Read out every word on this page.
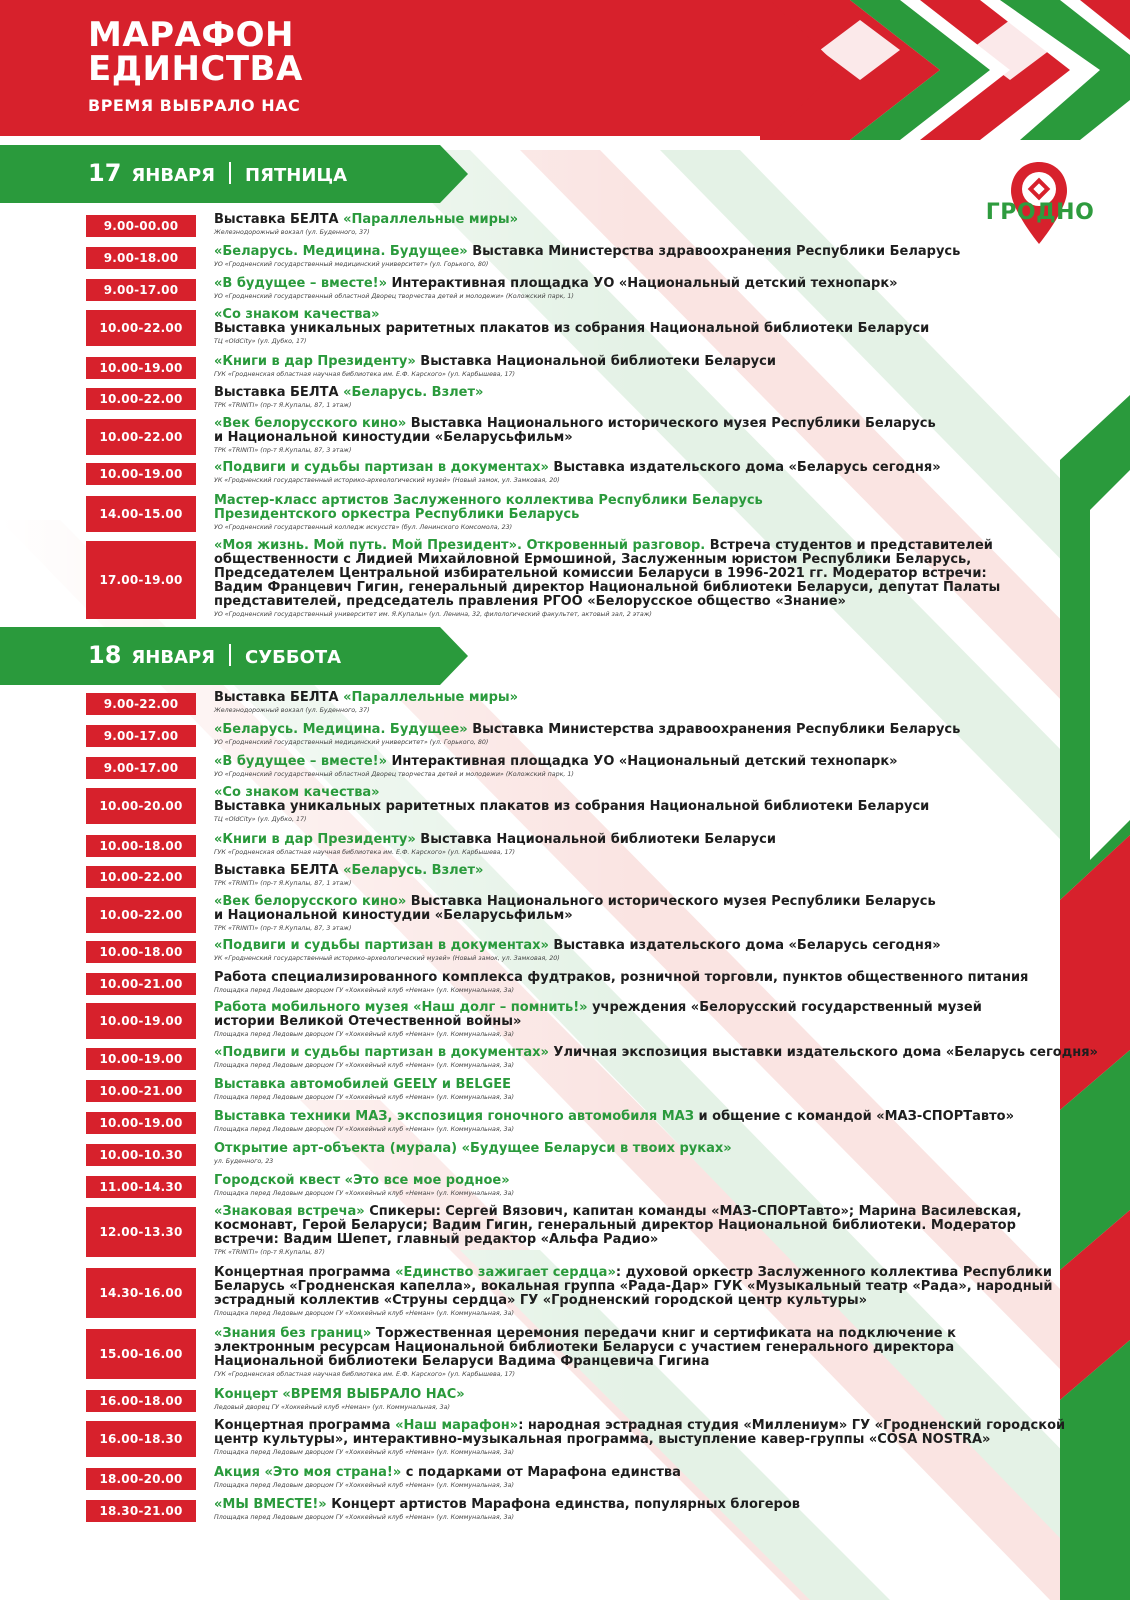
МАРАФОН
ЕДИНСТВА
ВРЕМЯ ВЫБРАЛО НАС
ГРОДНО
17 ЯНВАРЯ ПЯТНИЦА
18 ЯНВАРЯ СУББОТА
9.00-00.00	Выставка БЕЛТА «Параллельные миры»
Железнодорожный вокзал (ул. Буденного, 37)
9.00-18.00	«Беларусь. Медицина. Будущее» Выставка Министерства здравоохранения Республики Беларусь
УО «Гродненский государственный медицинский университет» (ул. Горького, 80)
9.00-17.00	«В будущее – вместе!» Интерактивная площадка УО «Национальный детский технопарк»
УО «Гродненский государственный областной Дворец творчества детей и молодежи» (Коложский парк, 1)
10.00-22.00
«Со знаком качества»
Выставка уникальных раритетных плакатов из собрания Национальной библиотеки Беларуси
ТЦ «OldCity» (ул. Дубко, 17)
10.00-19.00	«Книги в дар Президенту» Выставка Национальной библиотеки Беларуси
ГУК «Гродненская областная научная библиотека им. Е.Ф. Карского» (ул. Карбышева, 17)
10.00-22.00	Выставка БЕЛТА «Беларусь. Взлет»
ТРК «TRINITI» (пр-т Я.Купалы, 87, 1 этаж)
10.00-22.00
«Век белорусского кино» Выставка Национального исторического музея Республики Беларусь
и Национальной киностудии «Беларусьфильм»
ТРК «TRINITI» (пр-т Я.Купалы, 87, 3 этаж)
10.00-19.00	«Подвиги и судьбы партизан в документах» Выставка издательского дома «Беларусь сегодня»
УК «Гродненский государственный историко-археологический музей» (Новый замок, ул. Замковая, 20)
14.00-15.00
Мастер-класс артистов Заслуженного коллектива Республики Беларусь
Президентского оркестра Республики Беларусь
УО «Гродненский государственный колледж искусств» (бул. Ленинского Комсомола, 23)
17.00-19.00
«Моя жизнь. Мой путь. Мой Президент». Откровенный разговор. Встреча студентов и представителей
общественности с Лидией Михайловной Ермошиной, Заслуженным юристом Республики Беларусь,
Председателем Центральной избирательной комиссии Беларуси в 1996-2021 гг. Модератор встречи:
Вадим Францевич Гигин, генеральный директор Национальной библиотеки Беларуси, депутат Палаты
представителей, председатель правления РГОО «Белорусское общество «Знание»
УО «Гродненский государственный университет им. Я.Купалы» (ул. Ленина, 32, филологический факультет, актовый зал, 2 этаж)
9.00-22.00	Выставка БЕЛТА «Параллельные миры»
Железнодорожный вокзал (ул. Буденного, 37)
9.00-17.00	«Беларусь. Медицина. Будущее» Выставка Министерства здравоохранения Республики Беларусь
УО «Гродненский государственный медицинский университет» (ул. Горького, 80)
9.00-17.00	«В будущее – вместе!» Интерактивная площадка УО «Национальный детский технопарк»
УО «Гродненский государственный областной Дворец творчества детей и молодежи» (Коложский парк, 1)
10.00-20.00
«Со знаком качества»
Выставка уникальных раритетных плакатов из собрания Национальной библиотеки Беларуси
ТЦ «OldCity» (ул. Дубко, 17)
10.00-18.00	«Книги в дар Президенту» Выставка Национальной библиотеки Беларуси
ГУК «Гродненская областная научная библиотека им. Е.Ф. Карского» (ул. Карбышева, 17)
10.00-22.00	Выставка БЕЛТА «Беларусь. Взлет»
ТРК «TRINITI» (пр-т Я.Купалы, 87, 1 этаж)
10.00-22.00
«Век белорусского кино» Выставка Национального исторического музея Республики Беларусь
и Национальной киностудии «Беларусьфильм»
ТРК «TRINITI» (пр-т Я.Купалы, 87, 3 этаж)
10.00-18.00	«Подвиги и судьбы партизан в документах» Выставка издательского дома «Беларусь сегодня»
УК «Гродненский государственный историко-археологический музей» (Новый замок, ул. Замковая, 20)
10.00-21.00	Работа специализированного комплекса фудтраков, розничной торговли, пунктов общественного питания
Площадка перед Ледовым дворцом ГУ «Хоккейный клуб «Неман» (ул. Коммунальная, 3а)
10.00-19.00
Работа мобильного музея «Наш долг – помнить!» учреждения «Белорусский государственный музей
истории Великой Отечественной войны»
Площадка перед Ледовым дворцом ГУ «Хоккейный клуб «Неман» (ул. Коммунальная, 3а)
10.00-19.00	«Подвиги и судьбы партизан в документах» Уличная экспозиция выставки издательского дома «Беларусь сегодня»
Площадка перед Ледовым дворцом ГУ «Хоккейный клуб «Неман» (ул. Коммунальная, 3а)
10.00-21.00	Выставка автомобилей GEELY и BELGEE
Площадка перед Ледовым дворцом ГУ «Хоккейный клуб «Неман» (ул. Коммунальная, 3а)
10.00-19.00	Выставка техники МАЗ, экспозиция гоночного автомобиля МАЗ и общение с командой «МАЗ-СПОРТавто»
Площадка перед Ледовым дворцом ГУ «Хоккейный клуб «Неман» (ул. Коммунальная, 3а)
10.00-10.30	Открытие арт-объекта (мурала) «Будущее Беларуси в твоих руках»
ул. Буденного, 23
11.00-14.30	Городской квест «Это все мое родное»
Площадка перед Ледовым дворцом ГУ «Хоккейный клуб «Неман» (ул. Коммунальная, 3а)
12.00-13.30
«Знаковая встреча» Спикеры: Сергей Вязович, капитан команды «МАЗ-СПОРТавто»; Марина Василевская,
космонавт, Герой Беларуси; Вадим Гигин, генеральный директор Национальной библиотеки. Модератор
встречи: Вадим Шепет, главный редактор «Альфа Радио»
ТРК «TRINITI» (пр-т Я.Купалы, 87)
14.30-16.00
Концертная программа «Единство зажигает сердца»: духовой оркестр Заслуженного коллектива Республики
Беларусь «Гродненская капелла», вокальная группа «Рада-Дар» ГУК «Музыкальный театр «Рада», народный
эстрадный коллектив «Струны сердца» ГУ «Гродненский городской центр культуры»
Площадка перед Ледовым дворцом ГУ «Хоккейный клуб «Неман» (ул. Коммунальная, 3а)
15.00-16.00
«Знания без границ» Торжественная церемония передачи книг и сертификата на подключение к
электронным ресурсам Национальной библиотеки Беларуси с участием генерального директора
Национальной библиотеки Беларуси Вадима Францевича Гигина
ГУК «Гродненская областная научная библиотека им. Е.Ф. Карского» (ул. Карбышева, 17)
16.00-18.00	Концерт «ВРЕМЯ ВЫБРАЛО НАС»
Ледовый дворец ГУ «Хоккейный клуб «Неман» (ул. Коммунальная, 3а)
16.00-18.30
Концертная программа «Наш марафон»: народная эстрадная студия «Миллениум» ГУ «Гродненский городской
центр культуры», интерактивно-музыкальная программа, выступление кавер-группы «COSA NOSTRA»
Площадка перед Ледовым дворцом ГУ «Хоккейный клуб «Неман» (ул. Коммунальная, 3а)
18.00-20.00	Акция «Это моя страна!» с подарками от Марафона единства
Площадка перед Ледовым дворцом ГУ «Хоккейный клуб «Неман» (ул. Коммунальная, 3а)
18.30-21.00	«МЫ ВМЕСТЕ!» Концерт артистов Марафона единства, популярных блогеров
Площадка перед Ледовым дворцом ГУ «Хоккейный клуб «Неман» (ул. Коммунальная, 3а)
